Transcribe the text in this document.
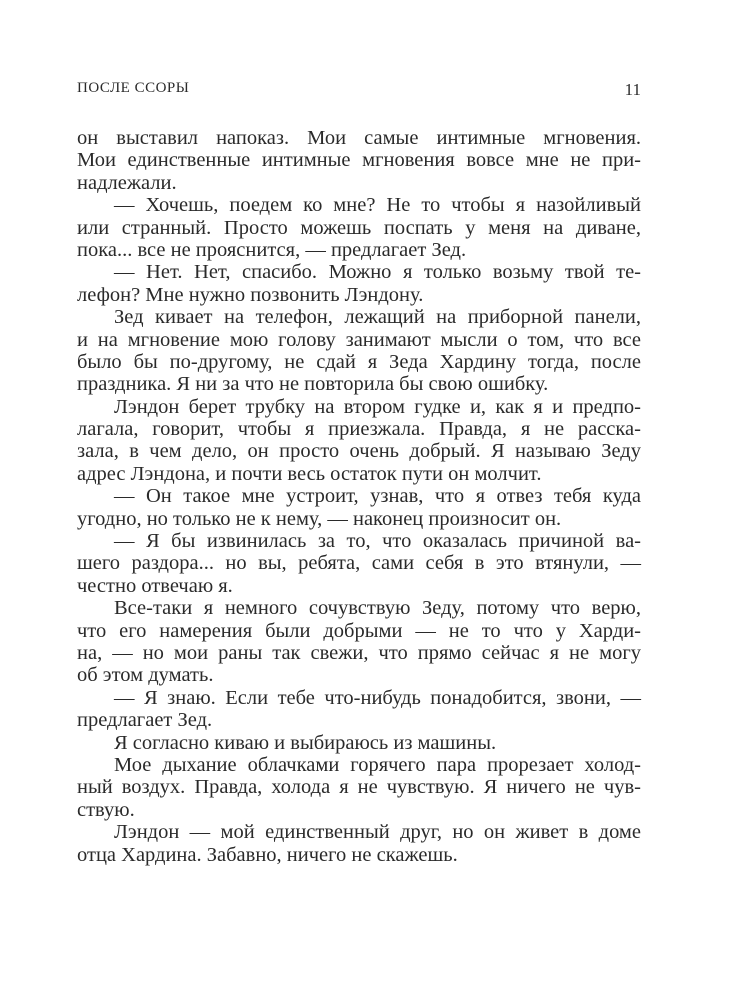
ПОСЛЕ ССОРЫ	11
он выставил напоказ. Мои самые интимные мгновения.
Мои единственные интимные мгновения вовсе мне не при-
надлежали.
— Хочешь, поедем ко мне? Не то чтобы я назойливый
или странный. Просто можешь поспать у меня на диване,
пока... все не прояснится, — предлагает Зед.
— Нет. Нет, спасибо. Можно я только возьму твой те-
лефон? Мне нужно позвонить Лэндону.
Зед кивает на телефон, лежащий на приборной панели,
и на мгновение мою голову занимают мысли о том, что все
было бы по-другому, не сдай я Зеда Хардину тогда, после
праздника. Я ни за что не повторила бы свою ошибку.
Лэндон берет трубку на втором гудке и, как я и предпо-
лагала, говорит, чтобы я приезжала. Правда, я не расска-
зала, в чем дело, он просто очень добрый. Я называю Зеду
адрес Лэндона, и почти весь остаток пути он молчит.
— Он такое мне устроит, узнав, что я отвез тебя куда
угодно, но только не к нему, — наконец произносит он.
— Я бы извинилась за то, что оказалась причиной ва-
шего раздора... но вы, ребята, сами себя в это втянули, —
честно отвечаю я.
Все-таки я немного сочувствую Зеду, потому что верю,
что его намерения были добрыми — не то что у Харди-
на, — но мои раны так свежи, что прямо сейчас я не могу
об этом думать.
— Я знаю. Если тебе что-нибудь понадобится, звони, —
предлагает Зед.
Я согласно киваю и выбираюсь из машины.
Мое дыхание облачками горячего пара прорезает холод-
ный воздух. Правда, холода я не чувствую. Я ничего не чув-
ствую.
Лэндон — мой единственный друг, но он живет в доме
отца Хардина. Забавно, ничего не скажешь.
